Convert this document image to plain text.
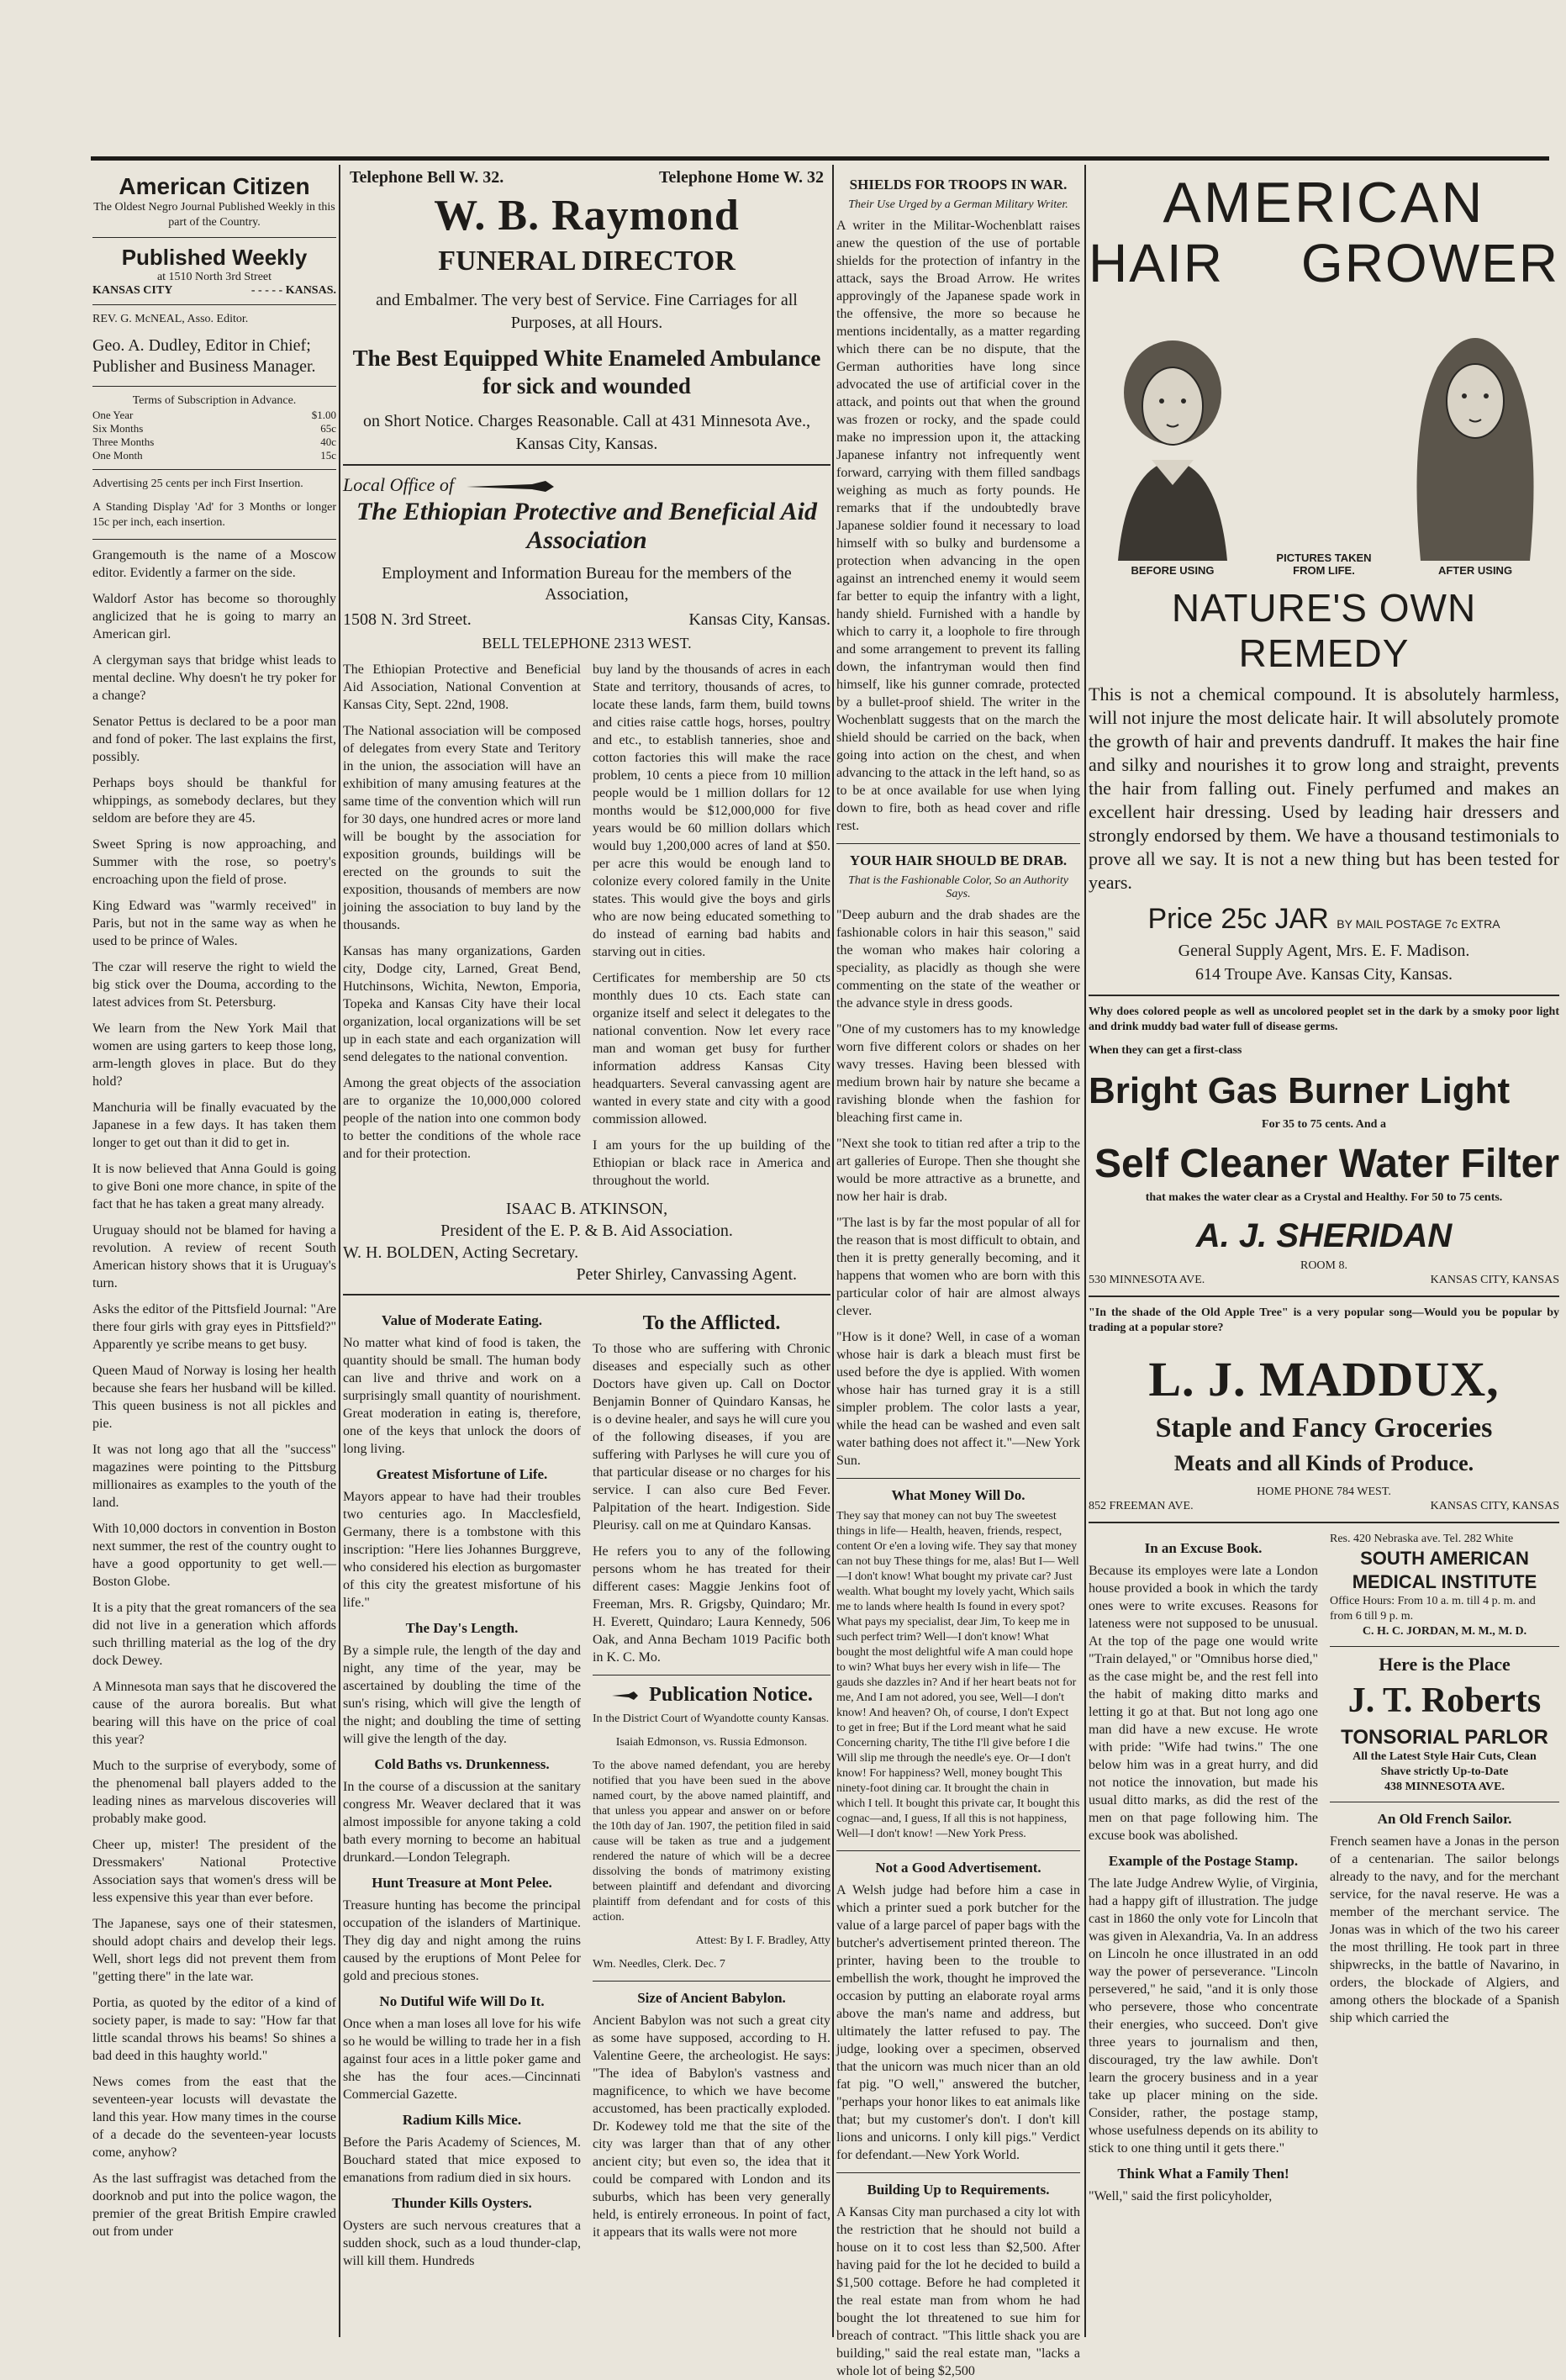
American Citizen
The Oldest Negro Journal Published Weekly in this part of the Country.
Published Weekly
at 1510 North 3rd Street
KANSAS CITY	- - - - - KANSAS.

REV. G. McNEAL, Asso. Editor.

Geo. A. Dudley, Editor in Chief; Publisher and Business Manager.

Terms of Subscription in Advance.
One Year	$1.00
Six Months	65c
Three Months	40c
One Month	15c

Advertising 25 cents per inch First Insertion.

A Standing Display 'Ad' for 3 Months or longer 15c per inch, each insertion.

Grangemouth is the name of a Moscow editor. Evidently a farmer on the side.

Waldorf Astor has become so thoroughly anglicized that he is going to marry an American girl.

A clergyman says that bridge whist leads to mental decline. Why doesn't he try poker for a change?

Senator Pettus is declared to be a poor man and fond of poker. The last explains the first, possibly.

Perhaps boys should be thankful for whippings, as somebody declares, but they seldom are before they are 45.

Sweet Spring is now approaching, and Summer with the rose, so poetry's encroaching upon the field of prose.

King Edward was "warmly received" in Paris, but not in the same way as when he used to be prince of Wales.

The czar will reserve the right to wield the big stick over the Douma, according to the latest advices from St. Petersburg.

We learn from the New York Mail that women are using garters to keep those long, arm-length gloves in place. But do they hold?

Manchuria will be finally evacuated by the Japanese in a few days. It has taken them longer to get out than it did to get in.

It is now believed that Anna Gould is going to give Boni one more chance, in spite of the fact that he has taken a great many already.

Uruguay should not be blamed for having a revolution. A review of recent South American history shows that it is Uruguay's turn.

Asks the editor of the Pittsfield Journal: "Are there four girls with gray eyes in Pittsfield?" Apparently ye scribe means to get busy.

Queen Maud of Norway is losing her health because she fears her husband will be killed. This queen business is not all pickles and pie.

It was not long ago that all the "success" magazines were pointing to the Pittsburg millionaires as examples to the youth of the land.

With 10,000 doctors in convention in Boston next summer, the rest of the country ought to have a good opportunity to get well.—Boston Globe.

It is a pity that the great romancers of the sea did not live in a generation which affords such thrilling material as the log of the dry dock Dewey.

A Minnesota man says that he discovered the cause of the aurora borealis. But what bearing will this have on the price of coal this year?

Much to the surprise of everybody, some of the phenomenal ball players added to the leading nines as marvelous discoveries will probably make good.

Cheer up, mister! The president of the Dressmakers' National Protective Association says that women's dress will be less expensive this year than ever before.

The Japanese, says one of their statesmen, should adopt chairs and develop their legs. Well, short legs did not prevent them from "getting there" in the late war.

Portia, as quoted by the editor of a kind of society paper, is made to say: "How far that little scandal throws his beams! So shines a bad deed in this haughty world."

News comes from the east that the seventeen-year locusts will devastate the land this year. How many times in the course of a decade do the seventeen-year locusts come, anyhow?

As the last suffragist was detached from the doorknob and put into the police wagon, the premier of the great British Empire crawled out from under

Telephone Bell W. 32.	Telephone Home W. 32
W. B. Raymond
FUNERAL DIRECTOR
and Embalmer. The very best of Service. Fine Carriages for all Purposes, at all Hours.
The Best Equipped White Enameled Ambulance for sick and wounded
on Short Notice. Charges Reasonable. Call at 431 Minnesota Ave., Kansas City, Kansas.
Local Office of
The Ethiopian Protective and Beneficial Aid Association
Employment and Information Bureau for the members of the Association,
1508 N. 3rd Street.	Kansas City, Kansas.
BELL TELEPHONE 2313 WEST.

The Ethiopian Protective and Beneficial Aid Association, National Convention at Kansas City, Sept. 22nd, 1908.

The National association will be composed of delegates from every State and Teritory in the union, the association will have an exhibition of many amusing features at the same time of the convention which will run for 30 days, one hundred acres or more land will be bought by the association for exposition grounds, buildings will be erected on the grounds to suit the exposition, thousands of members are now joining the association to buy land by the thousands.

Kansas has many organizations, Garden city, Dodge city, Larned, Great Bend, Hutchinsons, Wichita, Newton, Emporia, Topeka and Kansas City have their local organization, local organizations will be set up in each state and each organization will send delegates to the national convention.

Among the great objects of the association are to organize the 10,000,000 colored people of the nation into one common body to better the conditions of the whole race and for their protection.

buy land by the thousands of acres in each State and territory, thousands of acres, to locate these lands, farm them, build towns and cities raise cattle hogs, horses, poultry and etc., to establish tanneries, shoe and cotton factories this will make the race problem, 10 cents a piece from 10 million people would be 1 million dollars for 12 months would be $12,000,000 for five years would be 60 million dollars which would buy 1,200,000 acres of land at $50. per acre this would be enough land to colonize every colored family in the Unite states. This would give the boys and girls who are now being educated something to do instead of earning bad habits and starving out in cities.

Certificates for membership are 50 cts monthly dues 10 cts. Each state can organize itself and select it delegates to the national convention. Now let every race man and woman get busy for further information address Kansas City headquarters. Several canvassing agent are wanted in every state and city with a good commission allowed.

I am yours for the up building of the Ethiopian or black race in America and throughout the world.

ISAAC B. ATKINSON,
President of the E. P. & B. Aid Association.
W. H. BOLDEN, Acting Secretary.
Peter Shirley, Canvassing Agent.
Value of Moderate Eating.

No matter what kind of food is taken, the quantity should be small. The human body can live and thrive and work on a surprisingly small quantity of nourishment. Great moderation in eating is, therefore, one of the keys that unlock the doors of long living.

Greatest Misfortune of Life.

Mayors appear to have had their troubles two centuries ago. In Macclesfield, Germany, there is a tombstone with this inscription: "Here lies Johannes Burggreve, who considered his election as burgomaster of this city the greatest misfortune of his life."

The Day's Length.

By a simple rule, the length of the day and night, any time of the year, may be ascertained by doubling the time of the sun's rising, which will give the length of the night; and doubling the time of setting will give the length of the day.

Cold Baths vs. Drunkenness.

In the course of a discussion at the sanitary congress Mr. Weaver declared that it was almost impossible for anyone taking a cold bath every morning to become an habitual drunkard.—London Telegraph.

Hunt Treasure at Mont Pelee.

Treasure hunting has become the principal occupation of the islanders of Martinique. They dig day and night among the ruins caused by the eruptions of Mont Pelee for gold and precious stones.

No Dutiful Wife Will Do It.

Once when a man loses all love for his wife so he would be willing to trade her in a fish against four aces in a little poker game and she has the four aces.—Cincinnati Commercial Gazette.

Radium Kills Mice.

Before the Paris Academy of Sciences, M. Bouchard stated that mice exposed to emanations from radium died in six hours.

Thunder Kills Oysters.

Oysters are such nervous creatures that a sudden shock, such as a loud thunder-clap, will kill them. Hundreds

To the Afflicted.

To those who are suffering with Chronic diseases and especially such as other Doctors have given up. Call on Doctor Benjamin Bonner of Quindaro Kansas, he is o devine healer, and says he will cure you of the following diseases, if you are suffering with Parlyses he will cure you of that particular disease or no charges for his service. I can also cure Bed Fever. Palpitation of the heart. Indigestion. Side Pleurisy. call on me at Quindaro Kansas.

He refers you to any of the following persons whom he has treated for their different cases: Maggie Jenkins foot of Freeman, Mrs. R. Grigsby, Quindaro; Mr. H. Everett, Quindaro; Laura Kennedy, 506 Oak, and Anna Becham 1019 Pacific both in K. C. Mo.

Publication Notice.

In the District Court of Wyandotte county Kansas.

Isaiah Edmonson, vs. Russia Edmonson.

To the above named defendant, you are hereby notified that you have been sued in the above named court, by the above named plaintiff, and that unless you appear and answer on or before the 10th day of Jan. 1907, the petition filed in said cause will be taken as true and a judgement rendered the nature of which will be a decree dissolving the bonds of matrimony existing between plaintiff and defendant and divorcing plaintiff from defendant and for costs of this action.

Attest: By I. F. Bradley, Atty

Wm. Needles, Clerk. Dec. 7

Size of Ancient Babylon.

Ancient Babylon was not such a great city as some have supposed, according to H. Valentine Geere, the archeologist. He says: "The idea of Babylon's vastness and magnificence, to which we have become accustomed, has been practically exploded. Dr. Kodewey told me that the site of the city was larger than that of any other ancient city; but even so, the idea that it could be compared with London and its suburbs, which has been very generally held, is entirely erroneous. In point of fact, it appears that its walls were not more

SHIELDS FOR TROOPS IN WAR.
Their Use Urged by a German Military Writer.

A writer in the Militar-Wochenblatt raises anew the question of the use of portable shields for the protection of infantry in the attack, says the Broad Arrow. He writes approvingly of the Japanese spade work in the offensive, the more so because he mentions incidentally, as a matter regarding which there can be no dispute, that the German authorities have long since advocated the use of artificial cover in the attack, and points out that when the ground was frozen or rocky, and the spade could make no impression upon it, the attacking Japanese infantry not infrequently went forward, carrying with them filled sandbags weighing as much as forty pounds. He remarks that if the undoubtedly brave Japanese soldier found it necessary to load himself with so bulky and burdensome a protection when advancing in the open against an intrenched enemy it would seem far better to equip the infantry with a light, handy shield. Furnished with a handle by which to carry it, a loophole to fire through and some arrangement to prevent its falling down, the infantryman would then find himself, like his gunner comrade, protected by a bullet-proof shield. The writer in the Wochenblatt suggests that on the march the shield should be carried on the back, when going into action on the chest, and when advancing to the attack in the left hand, so as to be at once available for use when lying down to fire, both as head cover and rifle rest.

YOUR HAIR SHOULD BE DRAB.
That is the Fashionable Color, So an Authority Says.

"Deep auburn and the drab shades are the fashionable colors in hair this season," said the woman who makes hair coloring a speciality, as placidly as though she were commenting on the state of the weather or the advance style in dress goods.

"One of my customers has to my knowledge worn five different colors or shades on her wavy tresses. Having been blessed with medium brown hair by nature she became a ravishing blonde when the fashion for bleaching first came in.

"Next she took to titian red after a trip to the art galleries of Europe. Then she thought she would be more attractive as a brunette, and now her hair is drab.

"The last is by far the most popular of all for the reason that is most difficult to obtain, and then it is pretty generally becoming, and it happens that women who are born with this particular color of hair are almost always clever.

"How is it done? Well, in case of a woman whose hair is dark a bleach must first be used before the dye is applied. With women whose hair has turned gray it is a still simpler problem. The color lasts a year, while the head can be washed and even salt water bathing does not affect it."—New York Sun.

What Money Will Do.

They say that money can not buy The sweetest things in life— Health, heaven, friends, respect, content Or e'en a loving wife. They say that money can not buy These things for me, alas! But I— Well—I don't know! What bought my private car? Just wealth. What bought my lovely yacht, Which sails me to lands where health Is found in every spot? What pays my specialist, dear Jim, To keep me in such perfect trim? Well—I don't know! What bought the most delightful wife A man could hope to win? What buys her every wish in life— The gauds she dazzles in? And if her heart beats not for me, And I am not adored, you see, Well—I don't know! And heaven? Oh, of course, I don't Expect to get in free; But if the Lord meant what he said Concerning charity, The tithe I'll give before I die Will slip me through the needle's eye. Or—I don't know! For happiness? Well, money bought This ninety-foot dining car. It brought the chain in which I tell. It bought this private car, It bought this cognac—and, I guess, If all this is not happiness, Well—I don't know! —New York Press.

Not a Good Advertisement.

A Welsh judge had before him a case in which a printer sued a pork butcher for the value of a large parcel of paper bags with the butcher's advertisement printed thereon. The printer, having been to the trouble to embellish the work, thought he improved the occasion by putting an elaborate royal arms above the man's name and address, but ultimately the latter refused to pay. The judge, looking over a specimen, observed that the unicorn was much nicer than an old fat pig. "O well," answered the butcher, "perhaps your honor likes to eat animals like that; but my customer's don't. I don't kill lions and unicorns. I only kill pigs." Verdict for defendant.—New York World.

Building Up to Requirements.

A Kansas City man purchased a city lot with the restriction that he should not build a house on it to cost less than $2,500. After having paid for the lot he decided to build a $1,500 cottage. Before he had completed it the real estate man from whom he had bought the lot threatened to sue him for breach of contract. "This little shack you are building," said the real estate man, "lacks a whole lot of being $2,500

AMERICAN
HAIR GROWER
BEFORE USING
PICTURES TAKEN FROM LIFE.	AFTER USING
NATURE'S OWN REMEDY
This is not a chemical compound. It is absolutely harmless, will not injure the most delicate hair. It will absolutely promote the growth of hair and prevents dandruff. It makes the hair fine and silky and nourishes it to grow long and straight, prevents the hair from falling out. Finely perfumed and makes an excellent hair dressing. Used by leading hair dressers and strongly endorsed by them. We have a thousand testimonials to prove all we say. It is not a new thing but has been tested for years.
Price 25c JAR BY MAIL POSTAGE 7c EXTRA
General Supply Agent, Mrs. E. F. Madison.
614 Troupe Ave. Kansas City, Kansas.

Why does colored people as well as uncolored peoplet set in the dark by a smoky poor light and drink muddy bad water full of disease germs.

When they can get a first-class

Bright Gas Burner Light
For 35 to 75 cents. And a
Self Cleaner Water Filter
that makes the water clear as a Crystal and Healthy. For 50 to 75 cents.
A. J. SHERIDAN
ROOM 8.
530 MINNESOTA AVE.	KANSAS CITY, KANSAS

"In the shade of the Old Apple Tree" is a very popular song—Would you be popular by trading at a popular store?

L. J. MADDUX,
Staple and Fancy Groceries
Meats and all Kinds of Produce.
HOME PHONE 784 WEST.
852 FREEMAN AVE.	KANSAS CITY, KANSAS
In an Excuse Book.

Because its employes were late a London house provided a book in which the tardy ones were to write excuses. Reasons for lateness were not supposed to be unusual. At the top of the page one would write "Train delayed," or "Omnibus horse died," as the case might be, and the rest fell into the habit of making ditto marks and letting it go at that. But not long ago one man did have a new excuse. He wrote with pride: "Wife had twins." The one below him was in a great hurry, and did not notice the innovation, but made his usual ditto marks, as did the rest of the men on that page following him. The excuse book was abolished.

Example of the Postage Stamp.

The late Judge Andrew Wylie, of Virginia, had a happy gift of illustration. The judge cast in 1860 the only vote for Lincoln that was given in Alexandria, Va. In an address on Lincoln he once illustrated in an odd way the power of perseverance. "Lincoln persevered," he said, "and it is only those who persevere, those who concentrate their energies, who succeed. Don't give three years to journalism and then, discouraged, try the law awhile. Don't learn the grocery business and in a year take up placer mining on the side. Consider, rather, the postage stamp, whose usefulness depends on its ability to stick to one thing until it gets there."

Think What a Family Then!

"Well," said the first policyholder,

Res. 420 Nebraska ave. Tel. 282 White
SOUTH AMERICAN
MEDICAL INSTITUTE
Office Hours: From 10 a. m. till 4 p. m. and from 6 till 9 p. m.
C. H. C. JORDAN, M. M., M. D.
Here is the Place
J. T. Roberts
TONSORIAL PARLOR
All the Latest Style Hair Cuts, Clean
Shave strictly Up-to-Date
438 MINNESOTA AVE.
An Old French Sailor.

French seamen have a Jonas in the person of a centenarian. The sailor belongs already to the navy, and for the merchant service, for the naval reserve. He was a member of the merchant service. The Jonas was in which of the two his career the most thrilling. He took part in three shipwrecks, in the battle of Navarino, in orders, the blockade of Algiers, and among others the blockade of a Spanish ship which carried the
